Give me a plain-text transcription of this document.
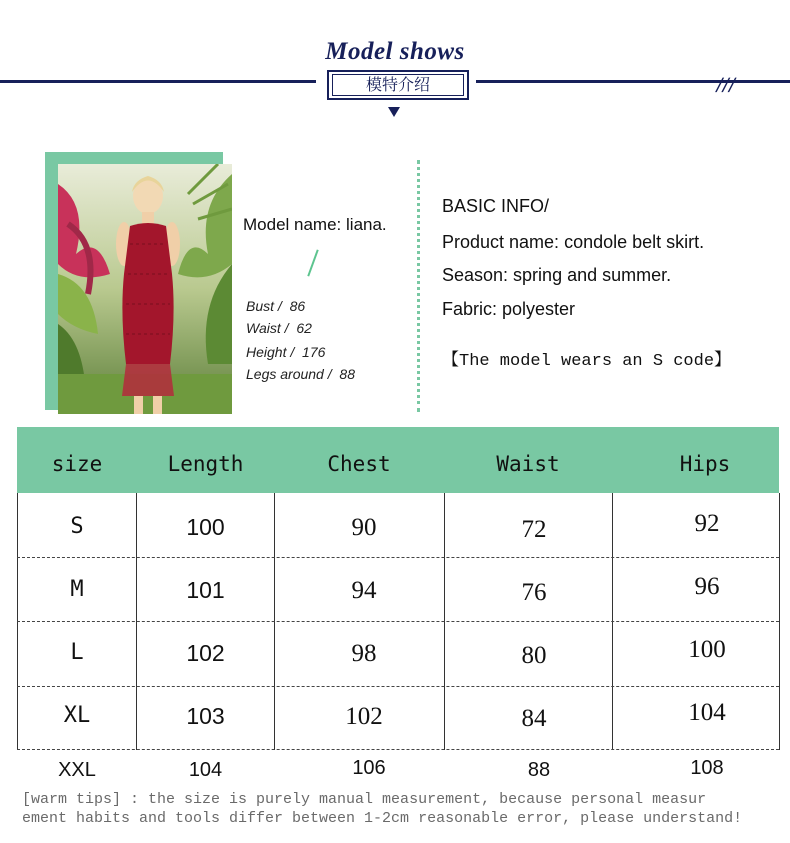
Model shows
╱╱╱
模特介绍
Model name: liana.
Bust /  86
Waist /  62
Height /  176
Legs around /  88
BASIC INFO/
Product name: condole belt skirt.
Season: spring and summer.
Fabric: polyester
【The model wears an S code】
size	Length	Chest	Waist	Hips
S	100	90	72	92
M	101	94	76	96
L	102	98	80	100
XL	103	102	84	104
XXL	104	106	88	108
[warm tips] : the size is purely manual measurement, because personal measur
ement habits and tools differ between 1-2cm reasonable error, please understand!
